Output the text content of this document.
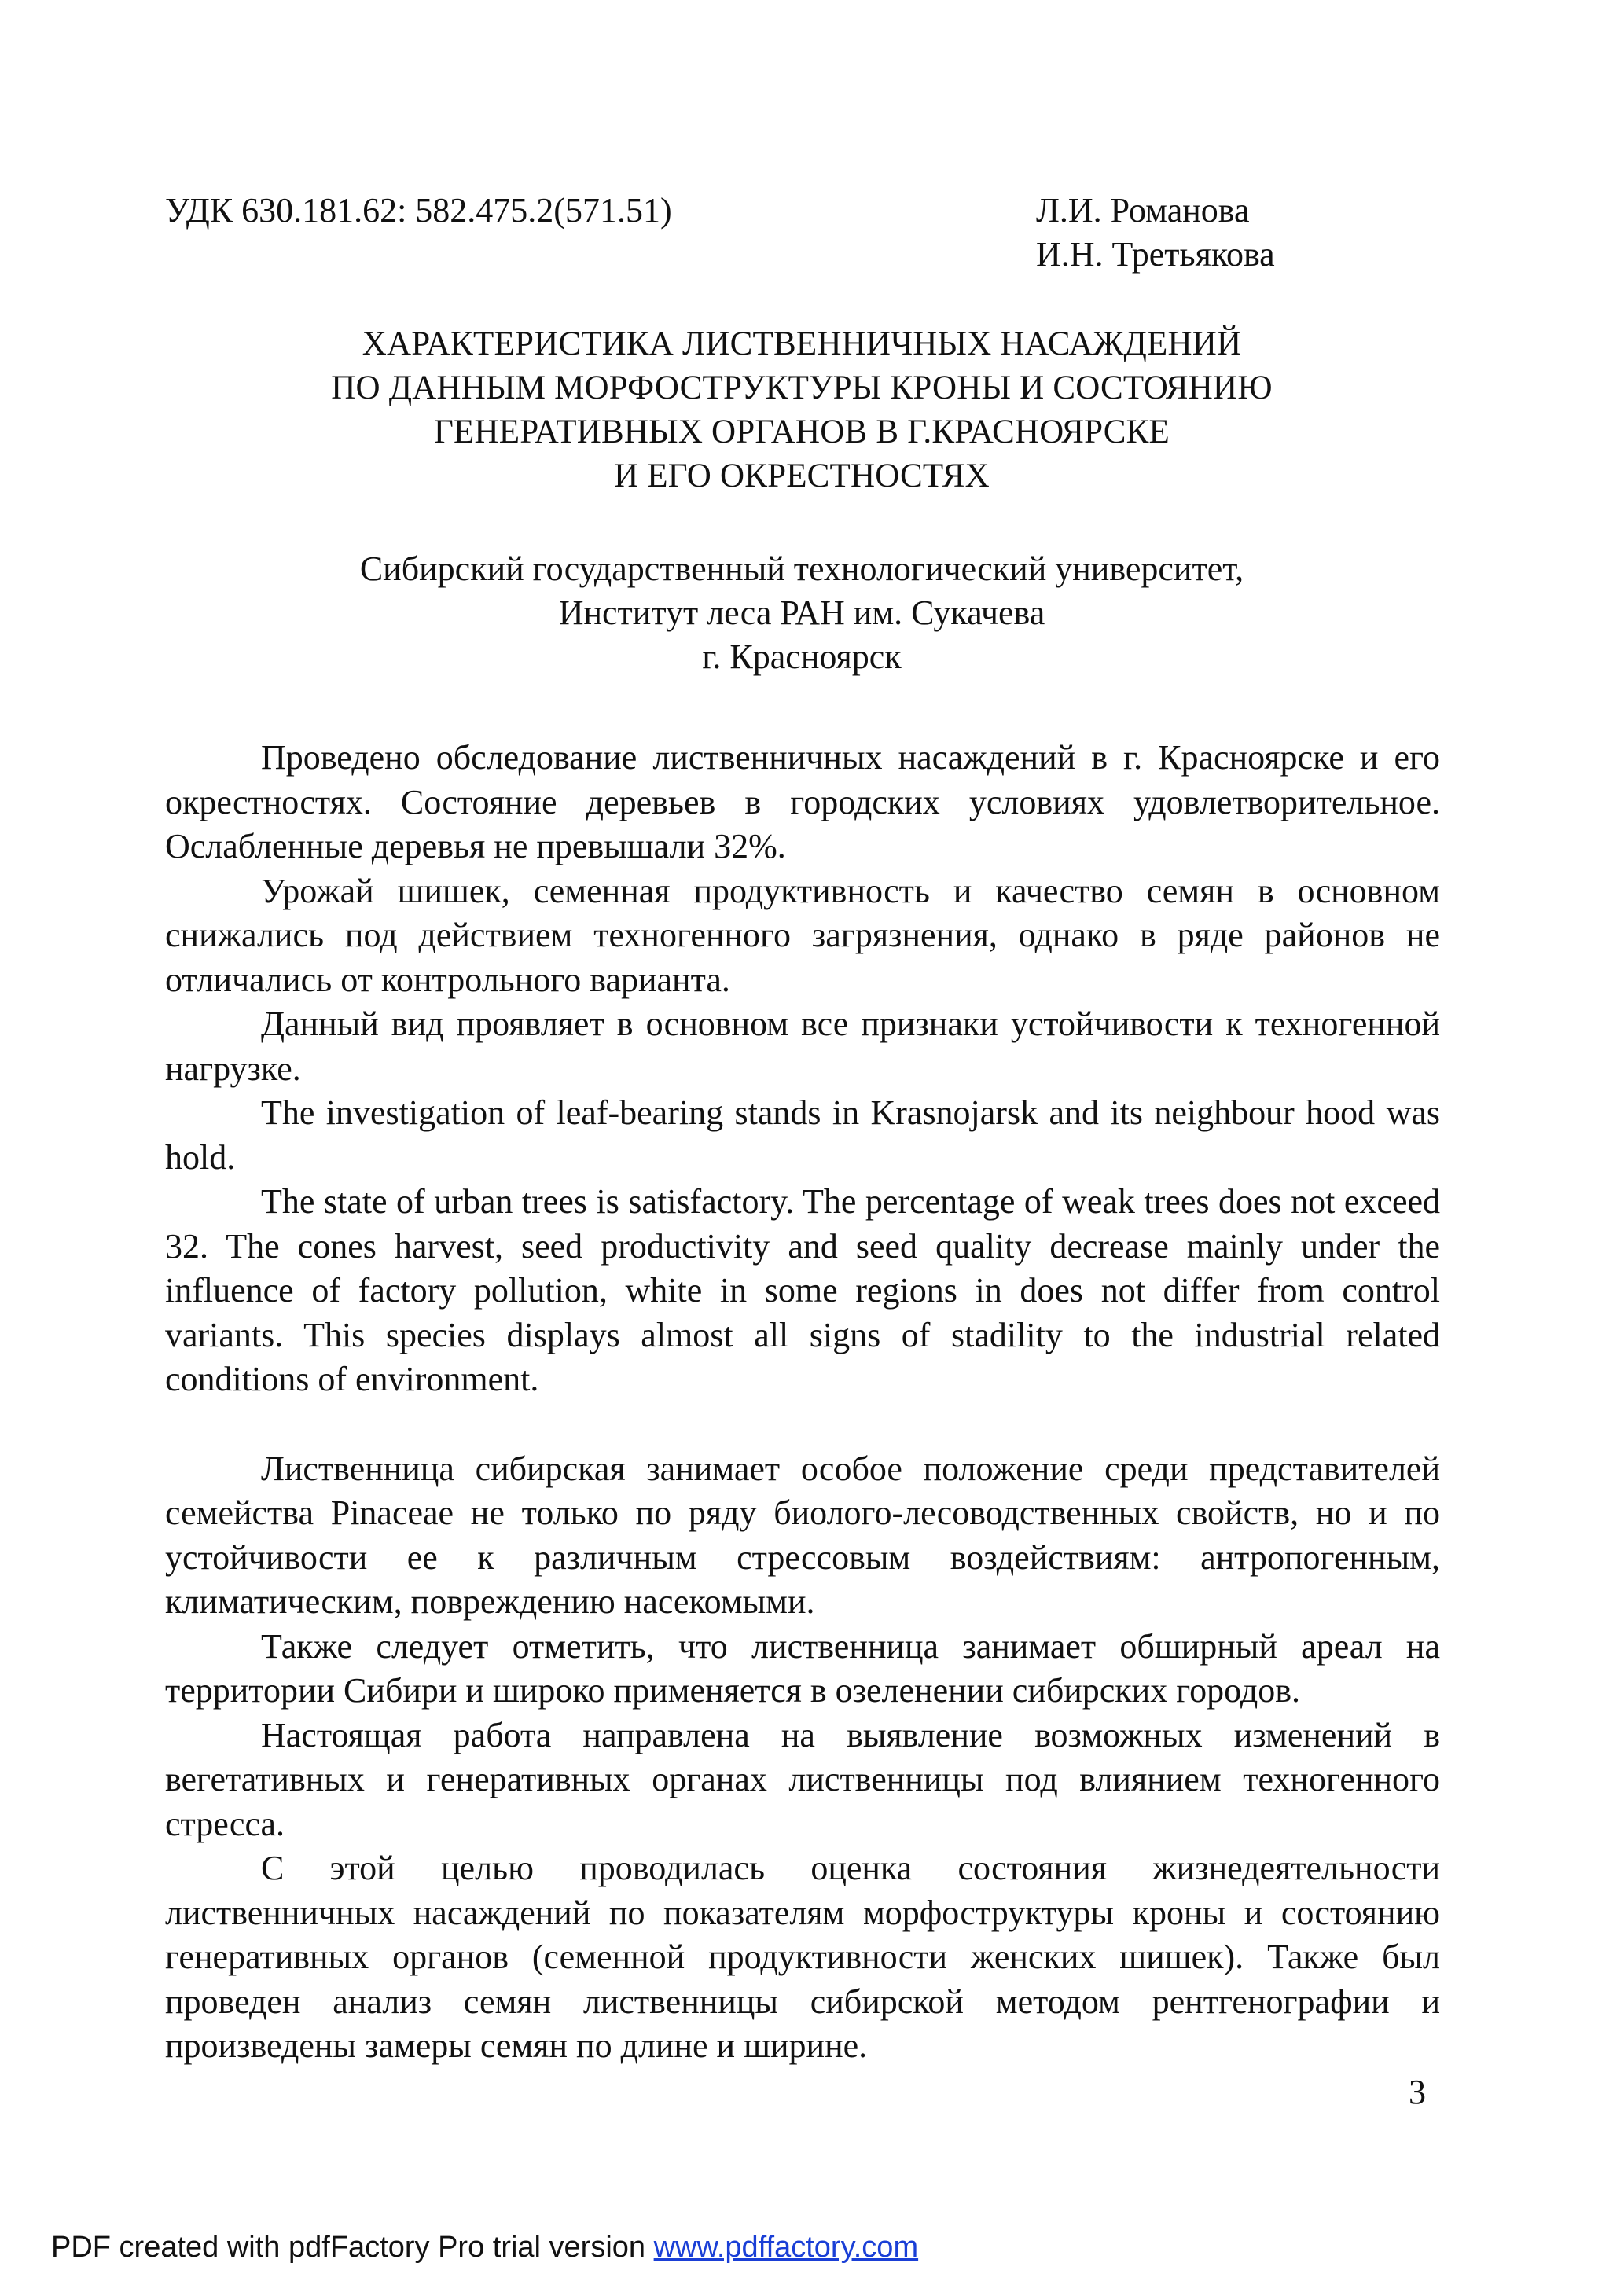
УДК 630.181.62: 582.475.2(571.51)	Л.И. Романова
И.Н. Третьякова
ХАРАКТЕРИСТИКА ЛИСТВЕННИЧНЫХ НАСАЖДЕНИЙ
ПО ДАННЫМ МОРФОСТРУКТУРЫ КРОНЫ И СОСТОЯНИЮ
ГЕНЕРАТИВНЫХ ОРГАНОВ В Г.КРАСНОЯРСКЕ
И ЕГО ОКРЕСТНОСТЯХ
Сибирский государственный технологический университет,
Институт леса РАН им. Сукачева
г. Красноярск

Проведено обследование лиственничных насаждений в г. Красноярске и его окрестностях. Состояние деревьев в городских условиях удовлетворительное. Ослабленные деревья не превышали 32%.

Урожай шишек, семенная продуктивность и качество семян в основном снижались под действием техногенного загрязнения, однако в ряде районов не отличались от контрольного варианта.

Данный вид проявляет в основном все признаки устойчивости к техногенной нагрузке.

The investigation of leaf-bearing stands in Krasnojarsk and its neighbour hood was hold.

The state of urban trees is satisfactory. The percentage of weak trees does not exceed 32. The cones harvest, seed productivity and seed quality decrease mainly under the influence of factory pollution, white in some regions in does not differ from control variants. This species displays almost all signs of stadility to the industrial related conditions of environment.

Лиственница сибирская занимает особое положение среди представителей семейства Pinaceae не только по ряду биолого-лесоводственных свойств, но и по устойчивости ее к различным стрессовым воздействиям: антропогенным, климатическим, повреждению насекомыми.

Также следует отметить, что лиственница занимает обширный ареал на территории Сибири и широко применяется в озеленении сибирских городов.

Настоящая работа направлена на выявление возможных изменений в вегетативных и генеративных органах лиственницы под влиянием техногенного стресса.

С этой целью проводилась оценка состояния жизнедеятельности лиственничных насаждений по показателям морфоструктуры кроны и состоянию генеративных органов (семенной продуктивности женских шишек). Также был проведен анализ семян лиственницы сибирской методом рентгенографии и произведены замеры семян по длине и ширине.

3
PDF created with pdfFactory Pro trial version www.pdffactory.com
